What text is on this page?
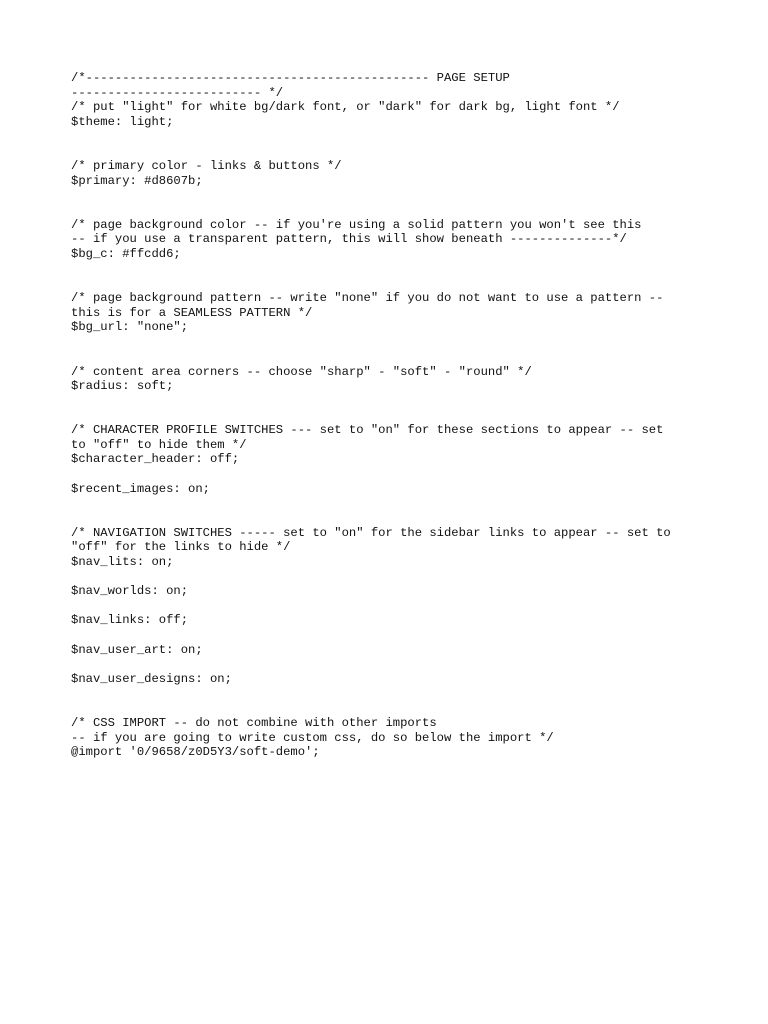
/*----------------------------------------------- PAGE SETUP
-------------------------- */
/* put "light" for white bg/dark font, or "dark" for dark bg, light font */
$theme: light;
/* primary color - links & buttons */
$primary: #d8607b;
/* page background color -- if you're using a solid pattern you won't see this
-- if you use a transparent pattern, this will show beneath --------------*/
$bg_c: #ffcdd6;
/* page background pattern -- write "none" if you do not want to use a pattern --
this is for a SEAMLESS PATTERN */
$bg_url: "none";
/* content area corners -- choose "sharp" - "soft" - "round" */
$radius: soft;
/* CHARACTER PROFILE SWITCHES --- set to "on" for these sections to appear -- set
to "off" to hide them */
$character_header: off;
$recent_images: on;
/* NAVIGATION SWITCHES ----- set to "on" for the sidebar links to appear -- set to
"off" for the links to hide */
$nav_lits: on;
$nav_worlds: on;
$nav_links: off;
$nav_user_art: on;
$nav_user_designs: on;
/* CSS IMPORT -- do not combine with other imports
-- if you are going to write custom css, do so below the import */
@import '0/9658/z0D5Y3/soft-demo';
